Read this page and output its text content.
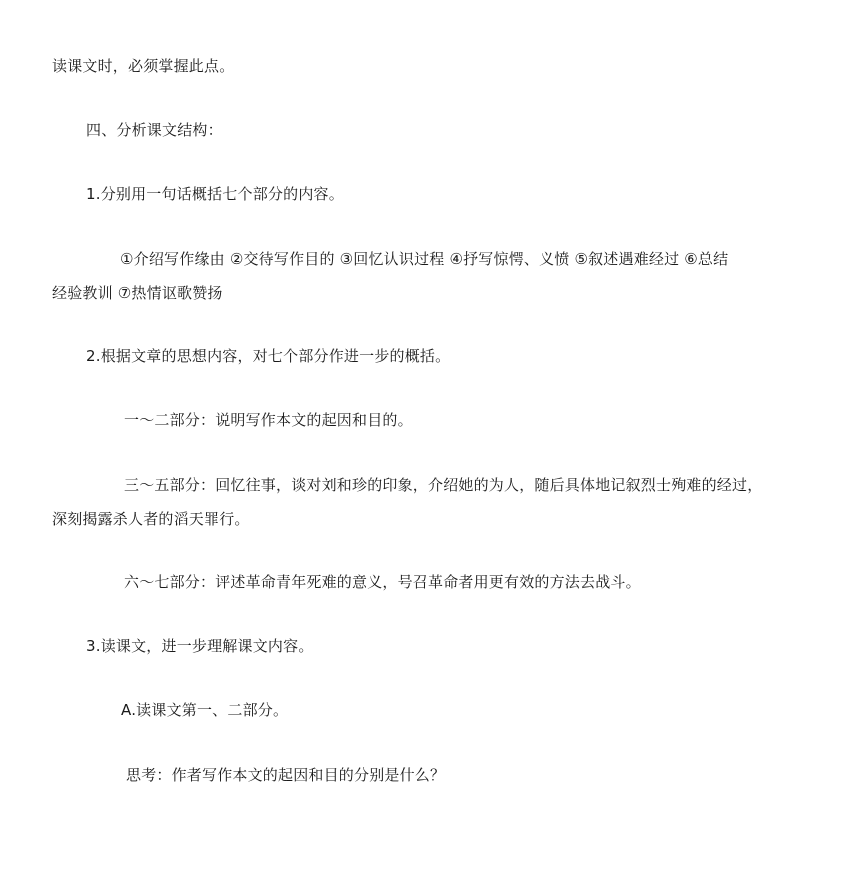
读课文时，必须掌握此点。
四、分析课文结构：
1.分别用一句话概括七个部分的内容。
①介绍写作缘由 ②交待写作目的 ③回忆认识过程 ④抒写惊愕、义愤 ⑤叙述遇难经过 ⑥总结
经验教训 ⑦热情讴歌赞扬
2.根据文章的思想内容，对七个部分作进一步的概括。
一～二部分：说明写作本文的起因和目的。
三～五部分：回忆往事，谈对刘和珍的印象，介绍她的为人，随后具体地记叙烈士殉难的经过，
深刻揭露杀人者的滔天罪行。
六～七部分：评述革命青年死难的意义，号召革命者用更有效的方法去战斗。
3.读课文，进一步理解课文内容。
A.读课文第一、二部分。
思考：作者写作本文的起因和目的分别是什么？
